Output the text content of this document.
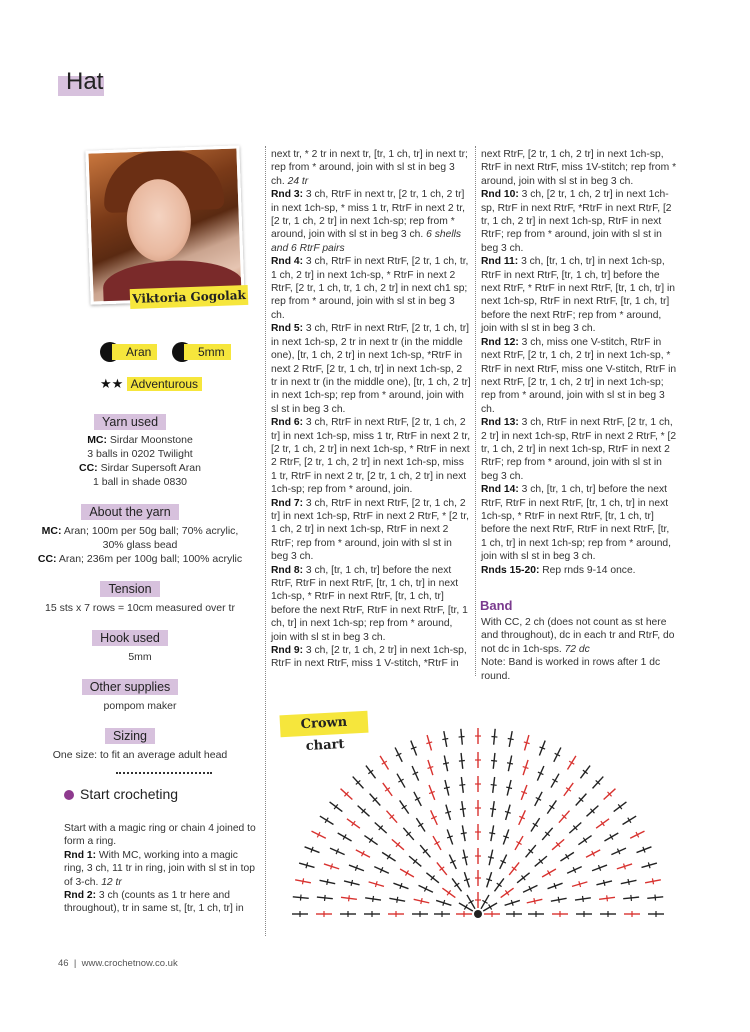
Hat
Viktoria Gogolak
Aran	5mm
★★ Adventurous
Yarn used
MC: Sirdar Moonstone
3 balls in 0202 Twilight
CC: Sirdar Supersoft Aran
1 ball in shade 0830
About the yarn
MC: Aran; 100m per 50g ball; 70% acrylic,
30% glass bead
CC: Aran; 236m per 100g ball; 100% acrylic
Tension
15 sts x 7 rows = 10cm measured over tr
Hook used
5mm
Other supplies
pompom maker
Sizing
One size: to fit an average adult head
Start crocheting

Start with a magic ring or chain 4 joined to form a ring.

Rnd 1: With MC, working into a magic ring, 3 ch, 11 tr in ring, join with sl st in top of 3-ch. 12 tr

Rnd 2: 3 ch (counts as 1 tr here and throughout), tr in same st, [tr, 1 ch, tr] in

next tr, * 2 tr in next tr, [tr, 1 ch, tr] in next tr; rep from * around, join with sl st in beg 3 ch. 24 tr

Rnd 3: 3 ch, RtrF in next tr, [2 tr, 1 ch, 2 tr] in next 1ch-sp, * miss 1 tr, RtrF in next 2 tr, [2 tr, 1 ch, 2 tr] in next 1ch-sp; rep from * around, join with sl st in beg 3 ch. 6 shells and 6 RtrF pairs

Rnd 4: 3 ch, RtrF in next RtrF, [2 tr, 1 ch, tr, 1 ch, 2 tr] in next 1ch-sp, * RtrF in next 2 RtrF, [2 tr, 1 ch, tr, 1 ch, 2 tr] in next ch1 sp; rep from * around, join with sl st in beg 3 ch.

Rnd 5: 3 ch, RtrF in next RtrF, [2 tr, 1 ch, tr] in next 1ch-sp, 2 tr in next tr (in the middle one), [tr, 1 ch, 2 tr] in next 1ch-sp, *RtrF in next 2 RtrF, [2 tr, 1 ch, tr] in next 1ch-sp, 2 tr in next tr (in the middle one), [tr, 1 ch, 2 tr] in next 1ch-sp; rep from * around, join with sl st in beg 3 ch.

Rnd 6: 3 ch, RtrF in next RtrF, [2 tr, 1 ch, 2 tr] in next 1ch-sp, miss 1 tr, RtrF in next 2 tr, [2 tr, 1 ch, 2 tr] in next 1ch-sp, * RtrF in next 2 RtrF, [2 tr, 1 ch, 2 tr] in next 1ch-sp, miss 1 tr, RtrF in next 2 tr, [2 tr, 1 ch, 2 tr] in next 1ch-sp; rep from * around, join.

Rnd 7: 3 ch, RtrF in next RtrF, [2 tr, 1 ch, 2 tr] in next 1ch-sp, RtrF in next 2 RtrF, * [2 tr, 1 ch, 2 tr] in next 1ch-sp, RtrF in next 2 RtrF; rep from * around, join with sl st in beg 3 ch.

Rnd 8: 3 ch, [tr, 1 ch, tr] before the next RtrF, RtrF in next RtrF, [tr, 1 ch, tr] in next 1ch-sp, * RtrF in next RtrF, [tr, 1 ch, tr] before the next RtrF, RtrF in next RtrF, [tr, 1 ch, tr] in next 1ch-sp; rep from * around, join with sl st in beg 3 ch.

Rnd 9: 3 ch, [2 tr, 1 ch, 2 tr] in next 1ch-sp, RtrF in next RtrF, miss 1 V-stitch, *RtrF in

next RtrF, [2 tr, 1 ch, 2 tr] in next 1ch-sp, RtrF in next RtrF, miss 1V-stitch; rep from * around, join with sl st in beg 3 ch.

Rnd 10: 3 ch, [2 tr, 1 ch, 2 tr] in next 1ch-sp, RtrF in next RtrF, *RtrF in next RtrF, [2 tr, 1 ch, 2 tr] in next 1ch-sp, RtrF in next RtrF; rep from * around, join with sl st in beg 3 ch.

Rnd 11: 3 ch, [tr, 1 ch, tr] in next 1ch-sp, RtrF in next RtrF, [tr, 1 ch, tr] before the next RtrF, * RtrF in next RtrF, [tr, 1 ch, tr] in next 1ch-sp, RtrF in next RtrF, [tr, 1 ch, tr] before the next RtrF; rep from * around, join with sl st in beg 3 ch.

Rnd 12: 3 ch, miss one V-stitch, RtrF in next RtrF, [2 tr, 1 ch, 2 tr] in next 1ch-sp, * RtrF in next RtrF, miss one V-stitch, RtrF in next RtrF, [2 tr, 1 ch, 2 tr] in next 1ch-sp; rep from * around, join with sl st in beg 3 ch.

Rnd 13: 3 ch, RtrF in next RtrF, [2 tr, 1 ch, 2 tr] in next 1ch-sp, RtrF in next 2 RtrF, * [2 tr, 1 ch, 2 tr] in next 1ch-sp, RtrF in next 2 RtrF; rep from * around, join with sl st in beg 3 ch.

Rnd 14: 3 ch, [tr, 1 ch, tr] before the next RtrF, RtrF in next RtrF, [tr, 1 ch, tr] in next 1ch-sp, * RtrF in next RtrF, [tr, 1 ch, tr] before the next RtrF, RtrF in next RtrF, [tr, 1 ch, tr] in next 1ch-sp; rep from * around, join with sl st in beg 3 ch.

Rnds 15-20: Rep rnds 9-14 once.

Band

With CC, 2 ch (does not count as st here and throughout), dc in each tr and RtrF, do not dc in 1ch-sps. 72 dc

Note: Band is worked in rows after 1 dc round.

Crown chart
46  |  www.crochetnow.co.uk
